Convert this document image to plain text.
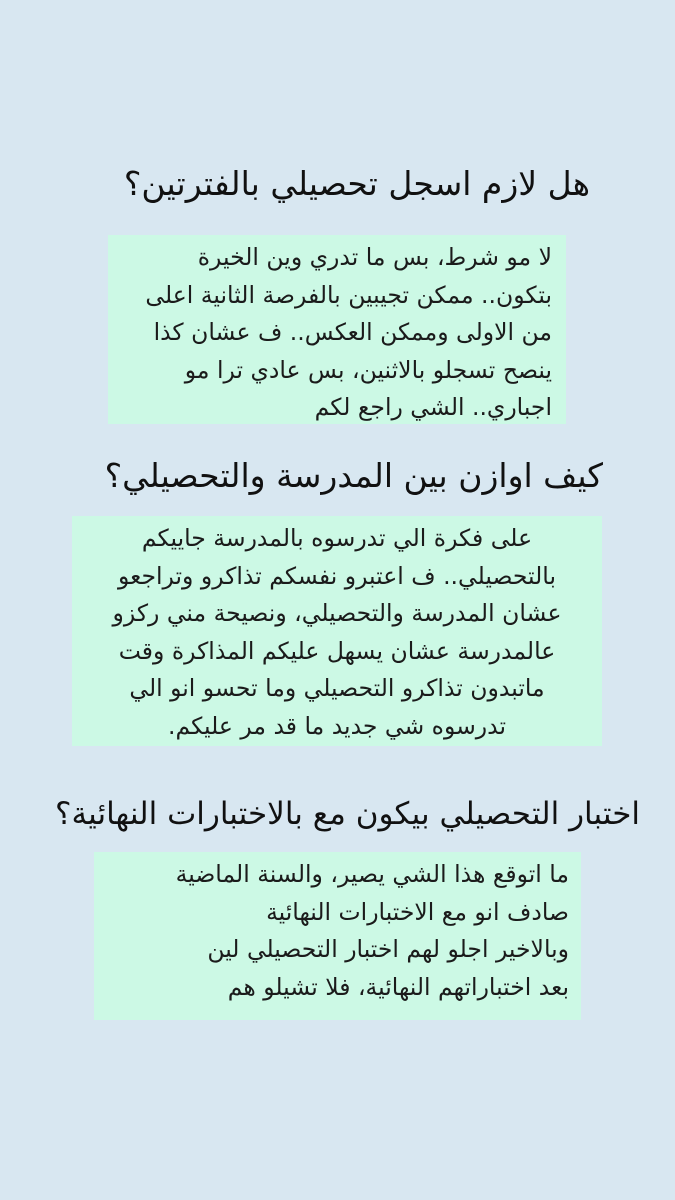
هل لازم اسجل تحصيلي بالفترتين؟
لا مو شرط، بس ما تدري وين الخيرة
بتكون.. ممكن تجيبين بالفرصة الثانية اعلى
من الاولى وممكن العكس.. ف عشان كذا
ينصح تسجلو بالاثنين، بس عادي ترا مو
اجباري.. الشي راجع لكم
كيف اوازن بين المدرسة والتحصيلي؟
على فكرة الي تدرسوه بالمدرسة جاييكم
بالتحصيلي.. ف اعتبرو نفسكم تذاكرو وتراجعو
عشان المدرسة والتحصيلي، ونصيحة مني ركزو
عالمدرسة عشان يسهل عليكم المذاكرة وقت
ماتبدون تذاكرو التحصيلي وما تحسو انو الي
تدرسوه شي جديد ما قد مر عليكم.
اختبار التحصيلي بيكون مع بالاختبارات النهائية؟
ما اتوقع هذا الشي يصير، والسنة الماضية
صادف انو مع الاختبارات النهائية
وبالاخير اجلو لهم اختبار التحصيلي لين
بعد اختباراتهم النهائية، فلا تشيلو هم
